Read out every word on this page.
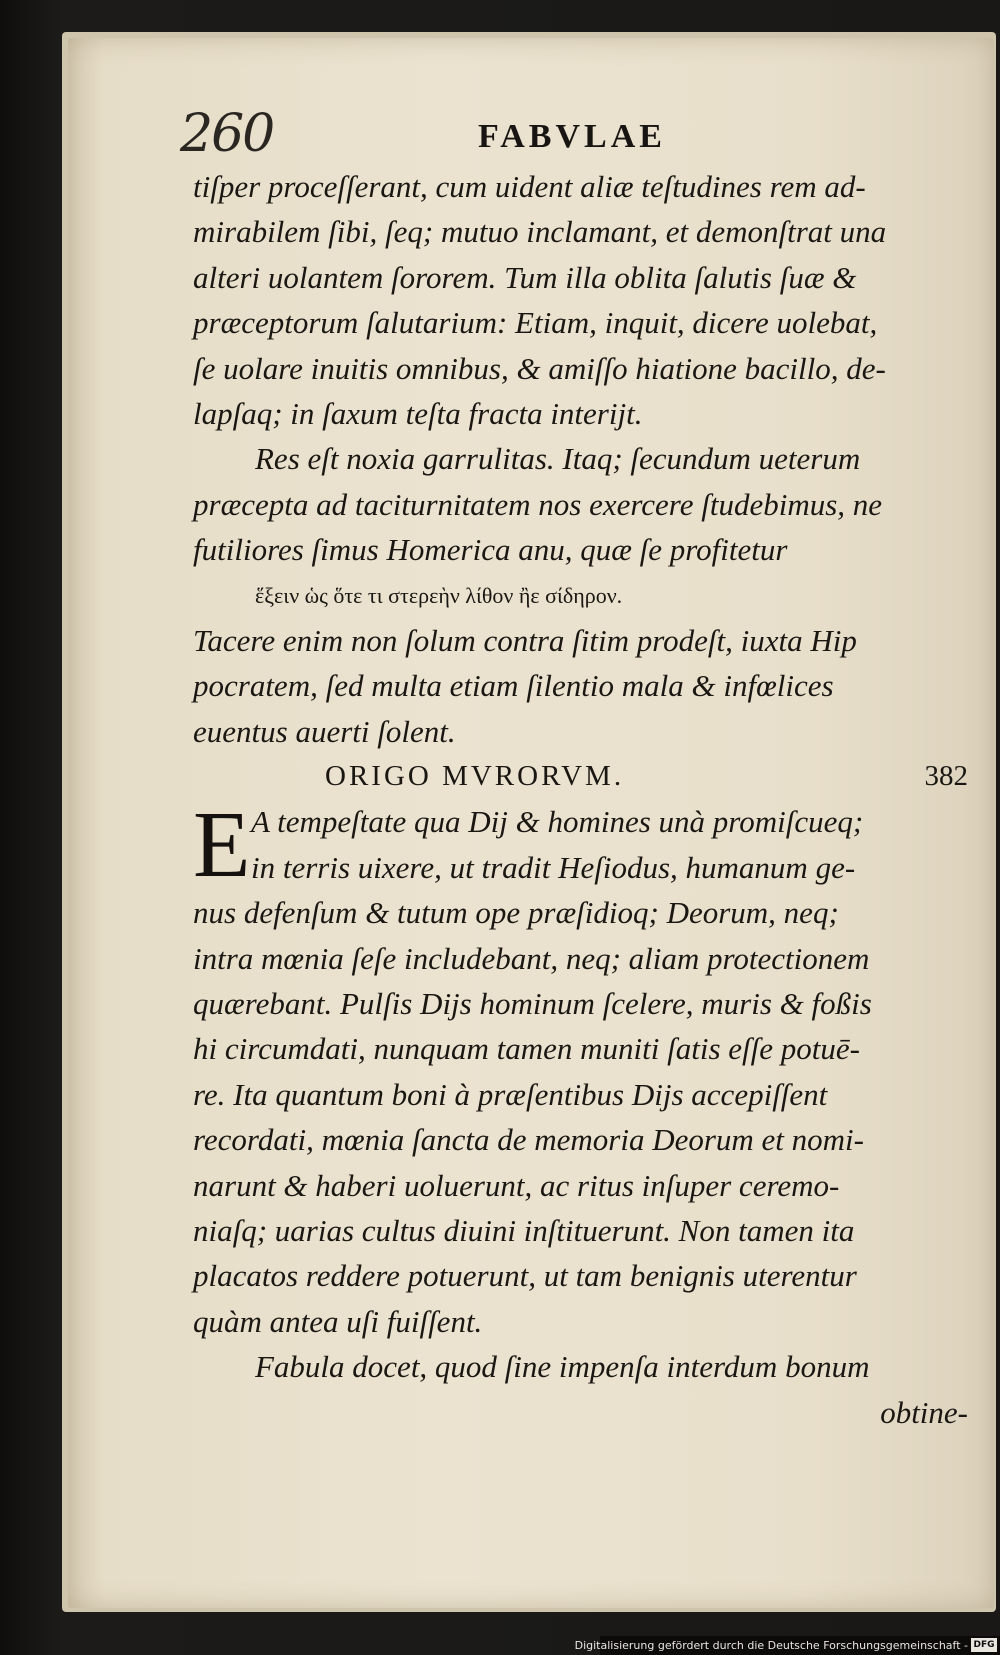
260	FABVLAE
tiſper proceſſerant, cum uident aliæ teſtudines rem ad-
mirabilem ſibi, ſeq; mutuo inclamant, et demonſtrat una
alteri uolantem ſororem. Tum illa oblita ſalutis ſuæ &
præceptorum ſalutarium: Etiam, inquit, dicere uolebat,
ſe uolare inuitis omnibus, & amiſſo hiatione bacillo, de-
lapſaq; in ſaxum teſta fracta interijt.
Res eſt noxia garrulitas. Itaq; ſecundum ueterum
præcepta ad taciturnitatem nos exercere ſtudebimus, ne
futiliores ſimus Homerica anu, quæ ſe profitetur
ἕξειν ὡς ὅτε τι στερεὴν λίθον ἢε σίδηρον.
Tacere enim non ſolum contra ſitim prodeſt, iuxta Hip
pocratem, ſed multa etiam ſilentio mala & infœlices
euentus auerti ſolent.
ORIGO MVRORVM.	382
E A tempeſtate qua Dij & homines unà promiſcueq;
in terris uixere, ut tradit Heſiodus, humanum ge-
nus defenſum & tutum ope præſidioq; Deorum, neq;
intra mœnia ſeſe includebant, neq; aliam protectionem
quærebant. Pulſis Dijs hominum ſcelere, muris & foßis
hi circumdati, nunquam tamen muniti ſatis eſſe potuē-
re. Ita quantum boni à præſentibus Dijs accepiſſent
recordati, mœnia ſancta de memoria Deorum et nomi-
narunt & haberi uoluerunt, ac ritus inſuper ceremo-
niaſq; uarias cultus diuini inſtituerunt. Non tamen ita
placatos reddere potuerunt, ut tam benignis uterentur
quàm antea uſi fuiſſent.
Fabula docet, quod ſine impenſa interdum bonum
obtine-
Digitalisierung gefördert durch die Deutsche Forschungsgemeinschaft - DFG
